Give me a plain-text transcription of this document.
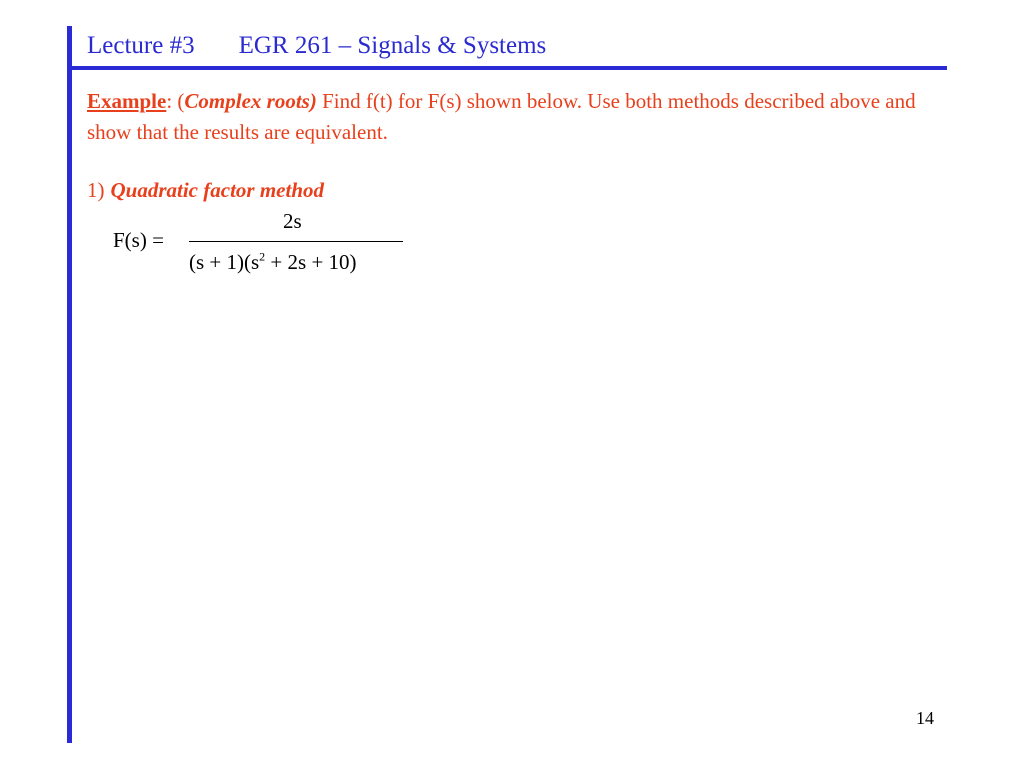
Lecture #3 EGR 261 – Signals & Systems
Example: (Complex roots) Find f(t) for F(s) shown below. Use both methods described above and show that the results are equivalent.
1) Quadratic factor method
F(s) =
2s
$(s + 1)(s^2 + 2s + 10)$
14
